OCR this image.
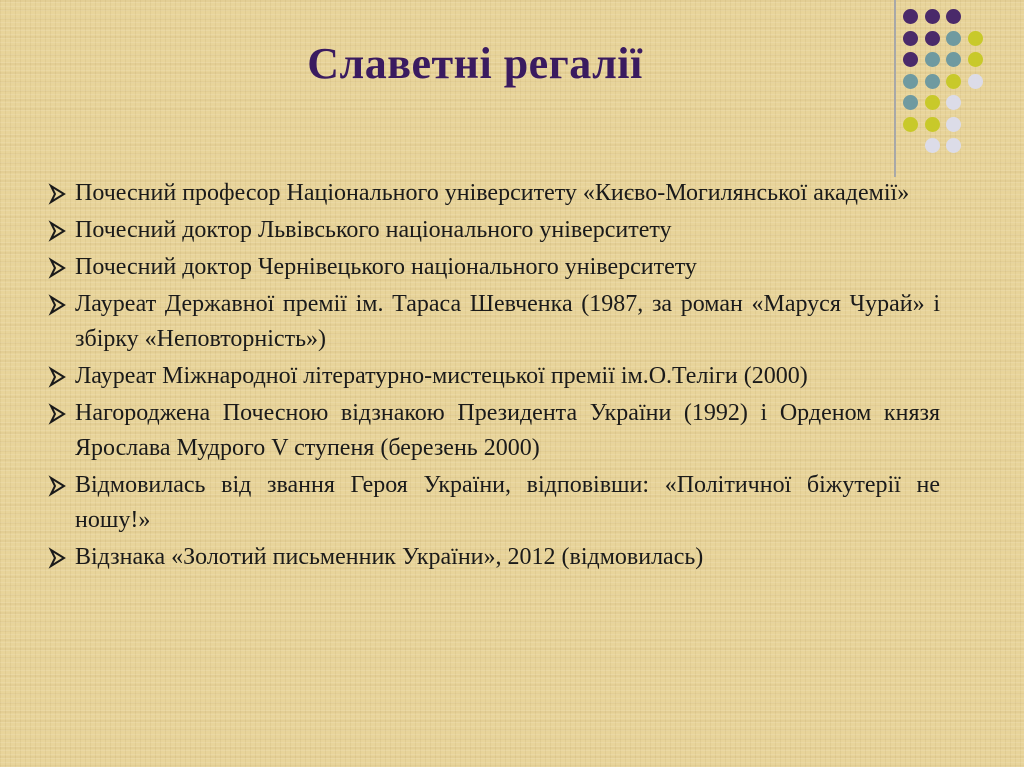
Славетні регалії
Почесний професор Національного університету «Києво-Могилянської академії»
Почесний доктор Львівського національного університету
Почесний доктор Чернівецького національного університету
Лауреат Державної премії ім. Тараса Шевченка (1987, за роман «Маруся Чурай» і збірку «Неповторність»)
Лауреат Міжнародної літературно-мистецької премії ім.О.Теліги (2000)
Нагороджена Почесною відзнакою Президента України (1992) і Орденом князя Ярослава Мудрого V ступеня (березень 2000)
Відмовилась від звання Героя України, відповівши: «Політичної біжутерії не ношу!»
Відзнака «Золотий письменник України», 2012 (відмовилась)
